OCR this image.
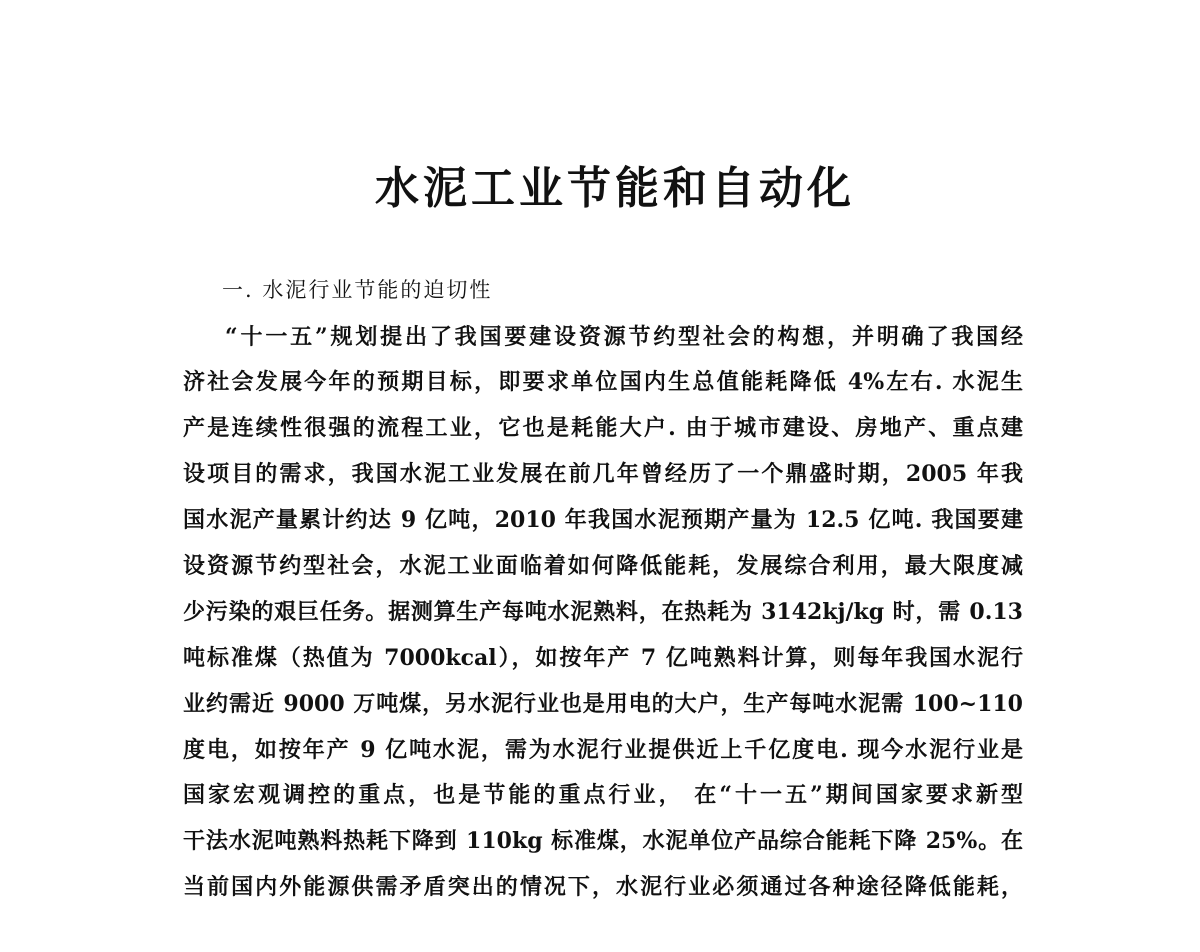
水泥工业节能和自动化
一. 水泥行业节能的迫切性
“十一五”规划提出了我国要建设资源节约型社会的构想，并明确了我国经
济社会发展今年的预期目标，即要求单位国内生总值能耗降低 4%左右. 水泥生
产是连续性很强的流程工业，它也是耗能大户. 由于城市建设、房地产、重点建
设项目的需求，我国水泥工业发展在前几年曾经历了一个鼎盛时期，2005 年我
国水泥产量累计约达 9 亿吨，2010 年我国水泥预期产量为 12.5 亿吨. 我国要建
设资源节约型社会，水泥工业面临着如何降低能耗，发展综合利用，最大限度减
少污染的艰巨任务。据测算生产每吨水泥熟料，在热耗为 3142kj/kg 时，需 0.13
吨标准煤（热值为 7000kcal），如按年产 7 亿吨熟料计算，则每年我国水泥行
业约需近 9000 万吨煤，另水泥行业也是用电的大户，生产每吨水泥需 100~110
度电，如按年产 9 亿吨水泥，需为水泥行业提供近上千亿度电. 现今水泥行业是
国家宏观调控的重点，也是节能的重点行业， 在“十一五”期间国家要求新型
干法水泥吨熟料热耗下降到 110kg 标准煤，水泥单位产品综合能耗下降 25%。在
当前国内外能源供需矛盾突出的情况下，水泥行业必须通过各种途径降低能耗，
